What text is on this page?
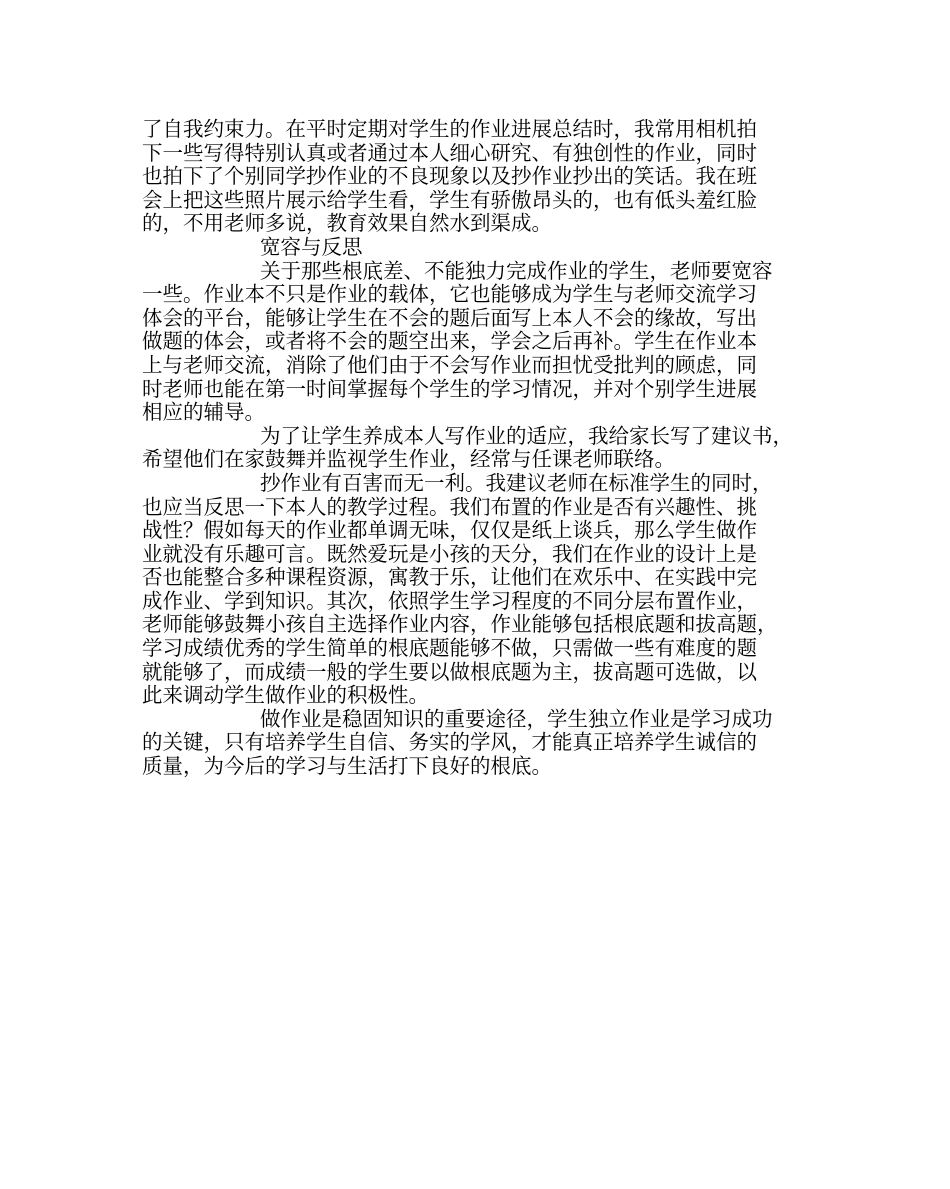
了自我约束力。在平时定期对学生的作业进展总结时，我常用相机拍
下一些写得特别认真或者通过本人细心研究、有独创性的作业，同时
也拍下了个别同学抄作业的不良现象以及抄作业抄出的笑话。我在班
会上把这些照片展示给学生看，学生有骄傲昂头的，也有低头羞红脸
的，不用老师多说，教育效果自然水到渠成。

宽容与反思

关于那些根底差、不能独力完成作业的学生，老师要宽容
一些。作业本不只是作业的载体，它也能够成为学生与老师交流学习
体会的平台，能够让学生在不会的题后面写上本人不会的缘故，写出
做题的体会，或者将不会的题空出来，学会之后再补。学生在作业本
上与老师交流，消除了他们由于不会写作业而担忧受批判的顾虑，同
时老师也能在第一时间掌握每个学生的学习情况，并对个别学生进展
相应的辅导。

为了让学生养成本人写作业的适应，我给家长写了建议书，
希望他们在家鼓舞并监视学生作业，经常与任课老师联络。

抄作业有百害而无一利。我建议老师在标准学生的同时，
也应当反思一下本人的教学过程。我们布置的作业是否有兴趣性、挑
战性？假如每天的作业都单调无味，仅仅是纸上谈兵，那么学生做作
业就没有乐趣可言。既然爱玩是小孩的天分，我们在作业的设计上是
否也能整合多种课程资源，寓教于乐，让他们在欢乐中、在实践中完
成作业、学到知识。其次，依照学生学习程度的不同分层布置作业，
老师能够鼓舞小孩自主选择作业内容，作业能够包括根底题和拔高题，
学习成绩优秀的学生简单的根底题能够不做，只需做一些有难度的题
就能够了，而成绩一般的学生要以做根底题为主，拔高题可选做，以
此来调动学生做作业的积极性。

做作业是稳固知识的重要途径，学生独立作业是学习成功
的关键，只有培养学生自信、务实的学风，才能真正培养学生诚信的
质量，为今后的学习与生活打下良好的根底。
